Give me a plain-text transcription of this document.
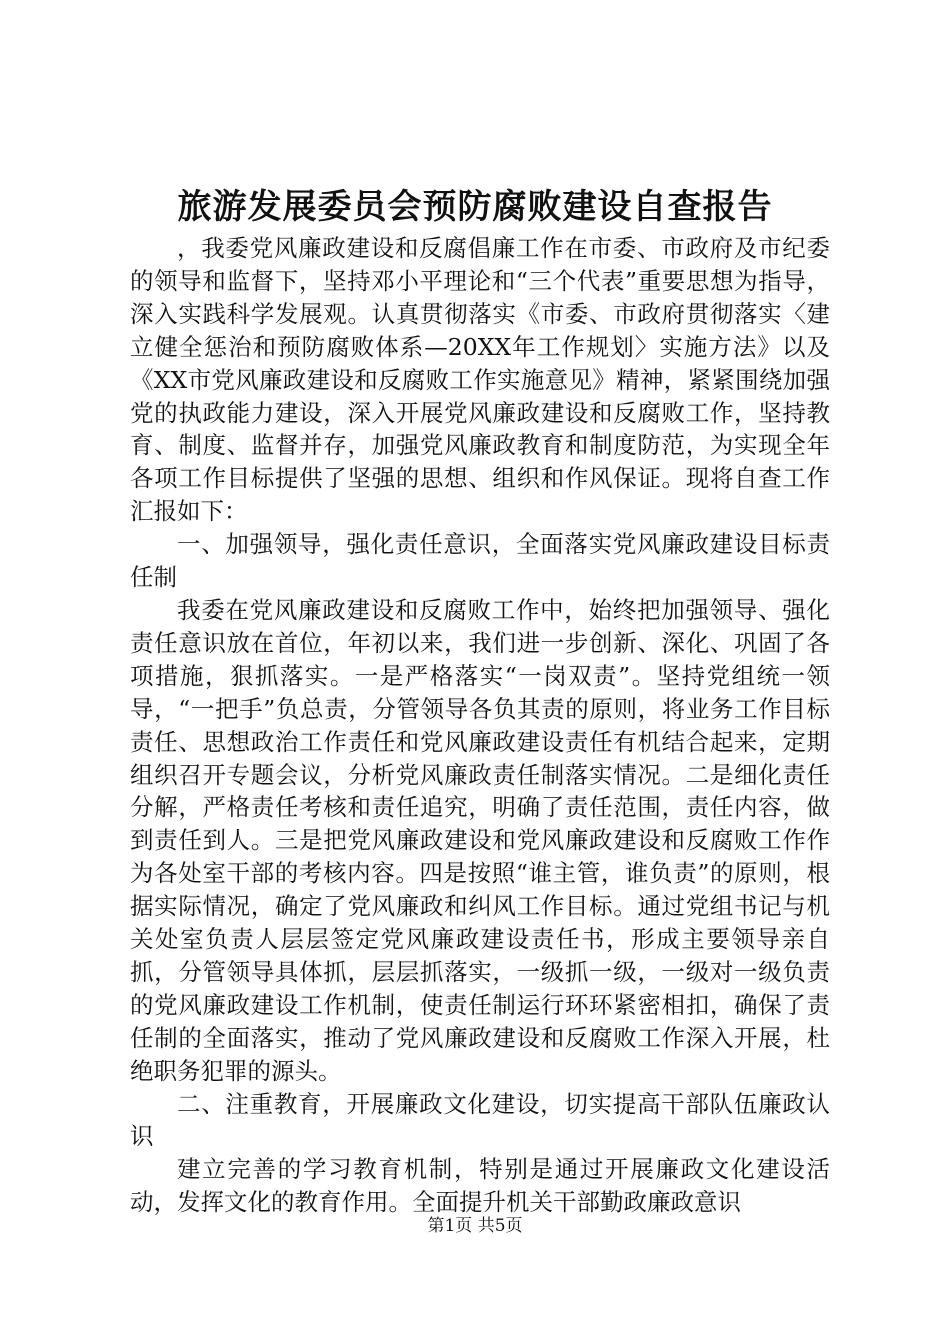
旅游发展委员会预防腐败建设自查报告

，我委党风廉政建设和反腐倡廉工作在市委、市政府及市纪委的领导和监督下，坚持邓小平理论和“三个代表”重要思想为指导，深入实践科学发展观。认真贯彻落实《市委、市政府贯彻落实〈建立健全惩治和预防腐败体系—20XX年工作规划〉实施方法》以及《XX市党风廉政建设和反腐败工作实施意见》精神，紧紧围绕加强党的执政能力建设，深入开展党风廉政建设和反腐败工作，坚持教育、制度、监督并存，加强党风廉政教育和制度防范，为实现全年各项工作目标提供了坚强的思想、组织和作风保证。现将自查工作汇报如下：

一、加强领导，强化责任意识，全面落实党风廉政建设目标责任制

我委在党风廉政建设和反腐败工作中，始终把加强领导、强化责任意识放在首位，年初以来，我们进一步创新、深化、巩固了各项措施，狠抓落实。一是严格落实“一岗双责”。坚持党组统一领导，“一把手”负总责，分管领导各负其责的原则，将业务工作目标责任、思想政治工作责任和党风廉政建设责任有机结合起来，定期组织召开专题会议，分析党风廉政责任制落实情况。二是细化责任分解，严格责任考核和责任追究，明确了责任范围，责任内容，做到责任到人。三是把党风廉政建设和党风廉政建设和反腐败工作作为各处室干部的考核内容。四是按照“谁主管，谁负责”的原则，根据实际情况，确定了党风廉政和纠风工作目标。通过党组书记与机关处室负责人层层签定党风廉政建设责任书，形成主要领导亲自抓，分管领导具体抓，层层抓落实，一级抓一级，一级对一级负责的党风廉政建设工作机制，使责任制运行环环紧密相扣，确保了责任制的全面落实，推动了党风廉政建设和反腐败工作深入开展，杜绝职务犯罪的源头。

二、注重教育，开展廉政文化建设，切实提高干部队伍廉政认识

建立完善的学习教育机制，特别是通过开展廉政文化建设活动，发挥文化的教育作用。全面提升机关干部勤政廉政意识

第1页 共5页
